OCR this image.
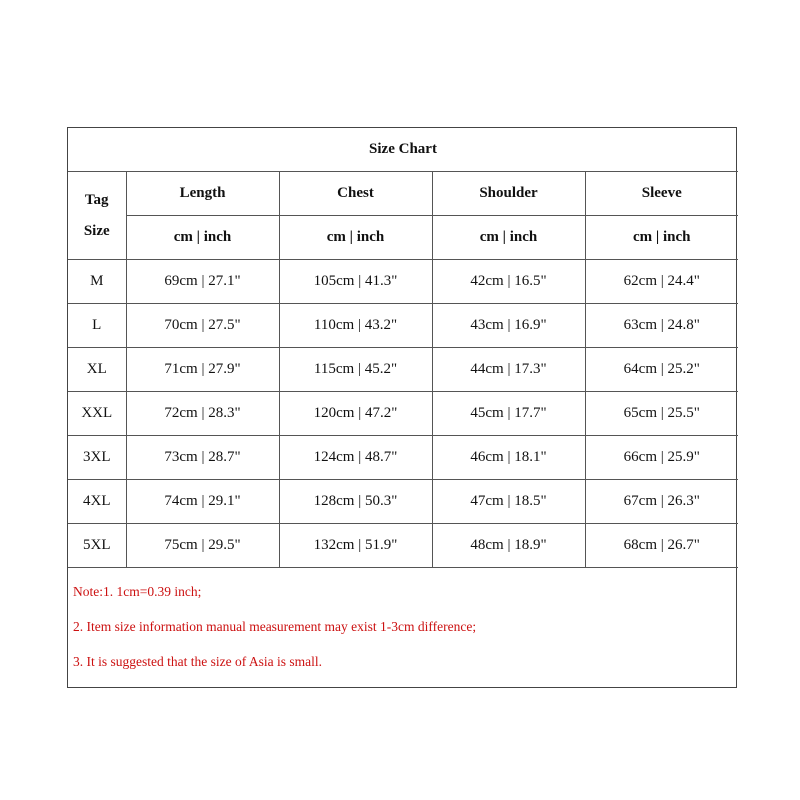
Size Chart				

Tag
Size	Length	Chest	Shoulder	Sleeve
	cm | inch	cm | inch	cm | inch	cm | inch
M	69cm | 27.1"	105cm | 41.3"	42cm | 16.5"	62cm | 24.4"
L	70cm | 27.5"	110cm | 43.2"	43cm | 16.9"	63cm | 24.8"
XL	71cm | 27.9"	115cm | 45.2"	44cm | 17.3"	64cm | 25.2"
XXL	72cm | 28.3"	120cm | 47.2"	45cm | 17.7"	65cm | 25.5"
3XL	73cm | 28.7"	124cm | 48.7"	46cm | 18.1"	66cm | 25.9"
4XL	74cm | 29.1"	128cm | 50.3"	47cm | 18.5"	67cm | 26.3"
5XL	75cm | 29.5"	132cm | 51.9"	48cm | 18.9"	68cm | 26.7"
Note:1. 1cm=0.39 inch;
2. Item size information manual measurement may exist 1-3cm difference;
3. It is suggested that the size of Asia is small.
